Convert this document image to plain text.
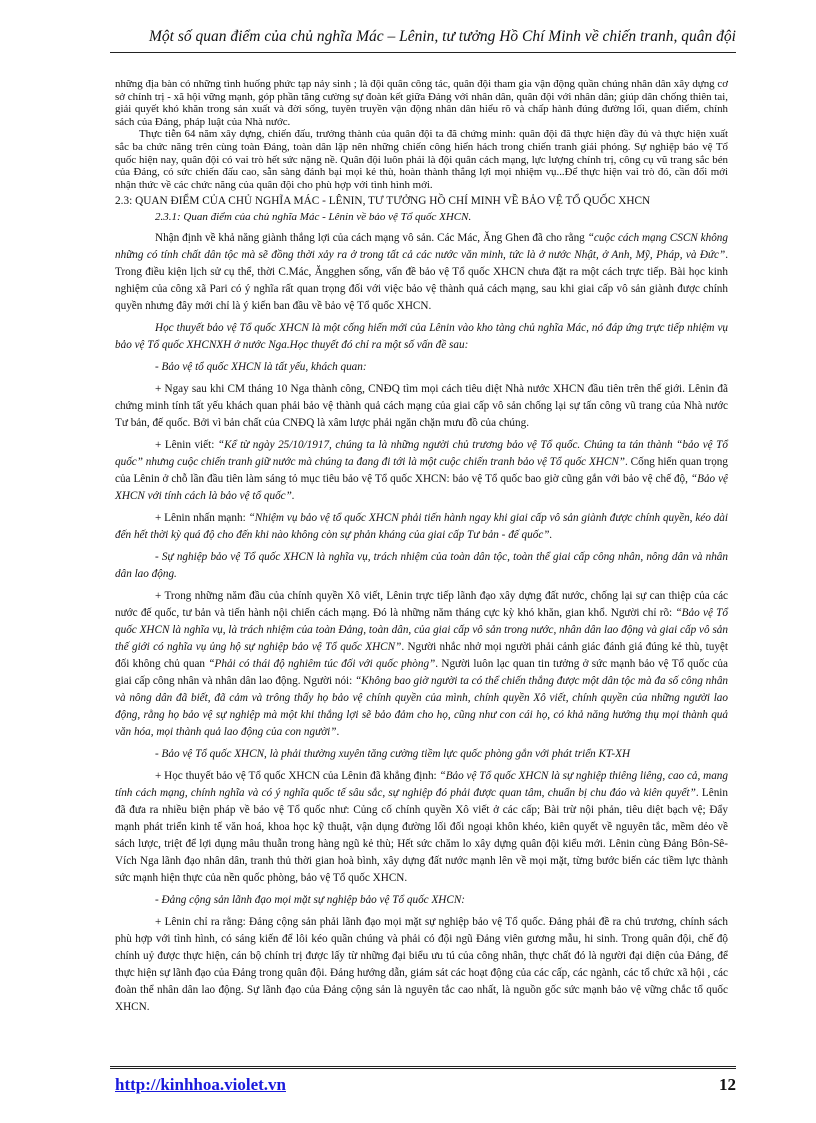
Một số quan điểm của chủ nghĩa Mác – Lênin, tư tưởng Hồ Chí Minh về chiến tranh, quân đội

những địa bàn có những tình huống phức tạp nảy sinh ; là đội quân công tác, quân đội tham gia vận động quần chúng nhân dân xây dựng cơ sở chính trị - xã hội vững mạnh, góp phần tăng cường sự đoàn kết giữa Đảng với nhân dân, quân đội với nhân dân; giúp dân chống thiên tai, giải quyết khó khăn trong sản xuất và đời sống, tuyên truyền vận động nhân dân hiểu rõ và chấp hành đúng đường lối, quan điểm, chính sách của Đảng, pháp luật của Nhà nước.

Thực tiễn 64 năm xây dựng, chiến đấu, trưởng thành của quân đội ta đã chứng minh: quân đội đã thực hiện đầy đủ và thực hiện xuất sắc ba chức năng trên cùng toàn Đảng, toàn dân lập nên những chiến công hiển hách trong chiến tranh giải phóng. Sự nghiệp bảo vệ Tổ quốc hiện nay, quân đội có vai trò hết sức nặng nề. Quân đội luôn phải là đội quân cách mạng, lực lượng chính trị, công cụ vũ trang sắc bén của Đảng, có sức chiến đấu cao, sẵn sàng đánh bại mọi kẻ thù, hoàn thành thắng lợi mọi nhiệm vụ...Để thực hiện vai trò đó, cần đổi mới nhận thức về các chức năng của quân đội cho phù hợp với tình hình mới.

2.3: QUAN ĐIỂM CỦA CHỦ NGHĨA MÁC - LÊNIN, TƯ TƯỞNG HỒ CHÍ MINH VỀ BẢO VỆ TỔ QUỐC XHCN

2.3.1: Quan điểm của chủ nghĩa Mác - Lênin về bảo vệ Tổ quốc XHCN.

Nhận định về khả năng giành thắng lợi của cách mạng vô sản. Các Mác, Ăng Ghen đã cho rằng “cuộc cách mạng CSCN không những có tính chất dân tộc mà sẽ đồng thời xảy ra ở trong tất cả các nước văn minh, tức là ở nước Nhật, ở Anh, Mỹ, Pháp, và Đức”. Trong điều kiện lịch sử cụ thể, thời C.Mác, Ăngghen sống, vấn đề bảo vệ Tổ quốc XHCN chưa đặt ra một cách trực tiếp. Bài học kinh nghiệm của công xã Pari có ý nghĩa rất quan trọng đối với việc bảo vệ thành quả cách mạng, sau khi giai cấp vô sản giành được chính quyền nhưng đây mới chỉ là ý kiến ban đầu về bảo vệ Tổ quốc XHCN.

Học thuyết bảo vệ Tổ quốc XHCN là một cống hiến mới của Lênin vào kho tàng chủ nghĩa Mác, nó đáp ứng trực tiếp nhiệm vụ bảo vệ Tổ quốc XHCNXH ở nước Nga.Học thuyết đó chỉ ra một số vấn đề sau:

- Bảo vệ tổ quốc XHCN là tất yếu, khách quan:

+ Ngay sau khi CM tháng 10 Nga thành công, CNĐQ tìm mọi cách tiêu diệt Nhà nước XHCN đầu tiên trên thế giới. Lênin đã chứng minh tính tất yếu khách quan phải bảo vệ thành quả cách mạng của giai cấp vô sản chống lại sự tấn công vũ trang của Nhà nước Tư bản, đế quốc. Bởi vì bản chất của CNĐQ là xâm lược phải ngăn chặn mưu đồ của chúng.

+ Lênin viết: “Kể từ ngày 25/10/1917, chúng ta là những người chủ trương bảo vệ Tổ quốc. Chúng ta tán thành “bảo vệ Tổ quốc” nhưng cuộc chiến tranh giữ nước mà chúng ta đang đi tới là một cuộc chiến tranh bảo vệ Tổ quốc XHCN”. Cống hiến quan trọng của Lênin ở chỗ lần đầu tiên làm sáng tỏ mục tiêu bảo vệ Tổ quốc XHCN: bảo vệ Tổ quốc bao giờ cũng gắn với bảo vệ chế độ, “Bảo vệ XHCN với tính cách là bảo vệ tổ quốc”.

+ Lênin nhấn mạnh: “Nhiệm vụ bảo vệ tổ quốc XHCN phải tiến hành ngay khi giai cấp vô sản giành được chính quyền, kéo dài đến hết thời kỳ quá độ cho đến khi nào không còn sự phản kháng của giai cấp Tư bản - đế quốc”.

- Sự nghiệp bảo vệ Tổ quốc XHCN là nghĩa vụ, trách nhiệm của toàn dân tộc, toàn thể giai cấp công nhân, nông dân và nhân dân lao động.

+ Trong những năm đầu của chính quyền Xô viết, Lênin trực tiếp lãnh đạo xây dựng đất nước, chống lại sự can thiệp của các nước đế quốc, tư bản và tiến hành nội chiến cách mạng. Đó là những năm tháng cực kỳ khó khăn, gian khổ. Người chỉ rõ: “Bảo vệ Tổ quốc XHCN là nghĩa vụ, là trách nhiệm của toàn Đảng, toàn dân, của giai cấp vô sản trong nước, nhân dân lao động và giai cấp vô sản thế giới có nghĩa vụ ủng hộ sự nghiệp bảo vệ Tổ quốc XHCN”. Người nhắc nhở mọi người phải cảnh giác đánh giá đúng kẻ thù, tuyệt đối không chủ quan “Phải có thái độ nghiêm túc đối với quốc phòng”. Người luôn lạc quan tin tưởng ở sức mạnh bảo vệ Tổ quốc của giai cấp công nhân và nhân dân lao động. Người nói: “Không bao giờ người ta có thể chiến thắng được một dân tộc mà đa số công nhân và nông dân đã biết, đã cảm và trông thấy họ bảo vệ chính quyền của mình, chính quyền Xô viết, chính quyền của những người lao động, rằng họ bảo vệ sự nghiệp mà một khi thắng lợi sẽ bảo đảm cho họ, cũng như con cái họ, có khả năng hưởng thụ mọi thành quả văn hóa, mọi thành quả lao động của con người”.

- Bảo vệ Tổ quốc XHCN, là phải thường xuyên tăng cường tiềm lực quốc phòng gắn với phát triển KT-XH

+ Học thuyết bảo vệ Tổ quốc XHCN của Lênin đã khẳng định: “Bảo vệ Tổ quốc XHCN là sự nghiệp thiêng liêng, cao cả, mang tính cách mạng, chính nghĩa và có ý nghĩa quốc tế sâu sắc, sự nghiệp đó phải được quan tâm, chuẩn bị chu đáo và kiên quyết”. Lênin đã đưa ra nhiều biện pháp về bảo vệ Tổ quốc như: Củng cố chính quyền Xô viết ở các cấp; Bài trừ nội phản, tiêu diệt bạch vệ; Đẩy mạnh phát triển kinh tế văn hoá, khoa học kỹ thuật, vận dụng đường lối đối ngoại khôn khéo, kiên quyết về nguyên tắc, mềm dẻo về sách lược, triệt để lợi dụng mâu thuẫn trong hàng ngũ kẻ thù; Hết sức chăm lo xây dựng quân đội kiểu mới. Lênin cùng Đảng Bôn-Sê-Vích Nga lãnh đạo nhân dân, tranh thủ thời gian hoà bình, xây dựng đất nước mạnh lên về mọi mặt, từng bước biến các tiềm lực thành sức mạnh hiện thực của nền quốc phòng, bảo vệ Tổ quốc XHCN.

- Đảng cộng sản lãnh đạo mọi mặt sự nghiệp bảo vệ Tổ quốc XHCN:

+ Lênin chỉ ra rằng: Đảng cộng sản phải lãnh đạo mọi mặt sự nghiệp bảo vệ Tổ quốc. Đảng phải đề ra chủ trương, chính sách phù hợp với tình hình, có sáng kiến để lôi kéo quần chúng và phải có đội ngũ Đảng viên gương mẫu, hi sinh. Trong quân đội, chế độ chính uỷ được thực hiện, cán bộ chính trị được lấy từ những đại biểu ưu tú của công nhân, thực chất đó là người đại diện của Đảng, để thực hiện sự lãnh đạo của Đảng trong quân đội. Đảng hướng dẫn, giám sát các hoạt động của các cấp, các ngành, các tổ chức xã hội , các đoàn thể nhân dân lao động. Sự lãnh đạo của Đảng cộng sản là nguyên tắc cao nhất, là nguồn gốc sức mạnh bảo vệ vững chắc tổ quốc XHCN.

http://kinhhoa.violet.vn	12
